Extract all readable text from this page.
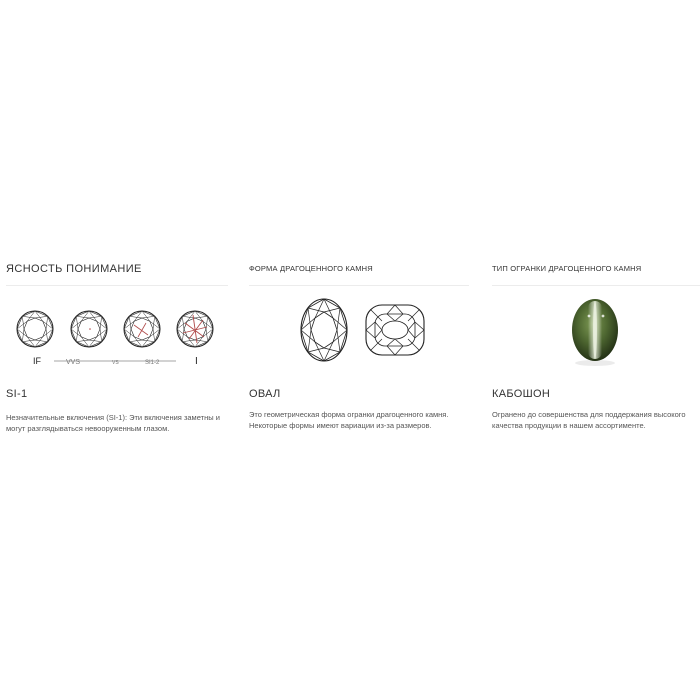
ЯСНОСТЬ ПОНИМАНИЕ
IF	VVS	VS	SI1-2	I
SI-1
Незначительные включения (SI-1): Эти включения заметны и могут разглядываться невооруженным глазом.
ФОРМА ДРАГОЦЕННОГО КАМНЯ
ОВАЛ
Это геометрическая форма огранки драгоценного камня. Некоторые формы имеют вариации из-за размеров.
ТИП ОГРАНКИ ДРАГОЦЕННОГО КАМНЯ
КАБОШОН
Огранено до совершенства для поддержания высокого качества продукции в нашем ассортименте.
